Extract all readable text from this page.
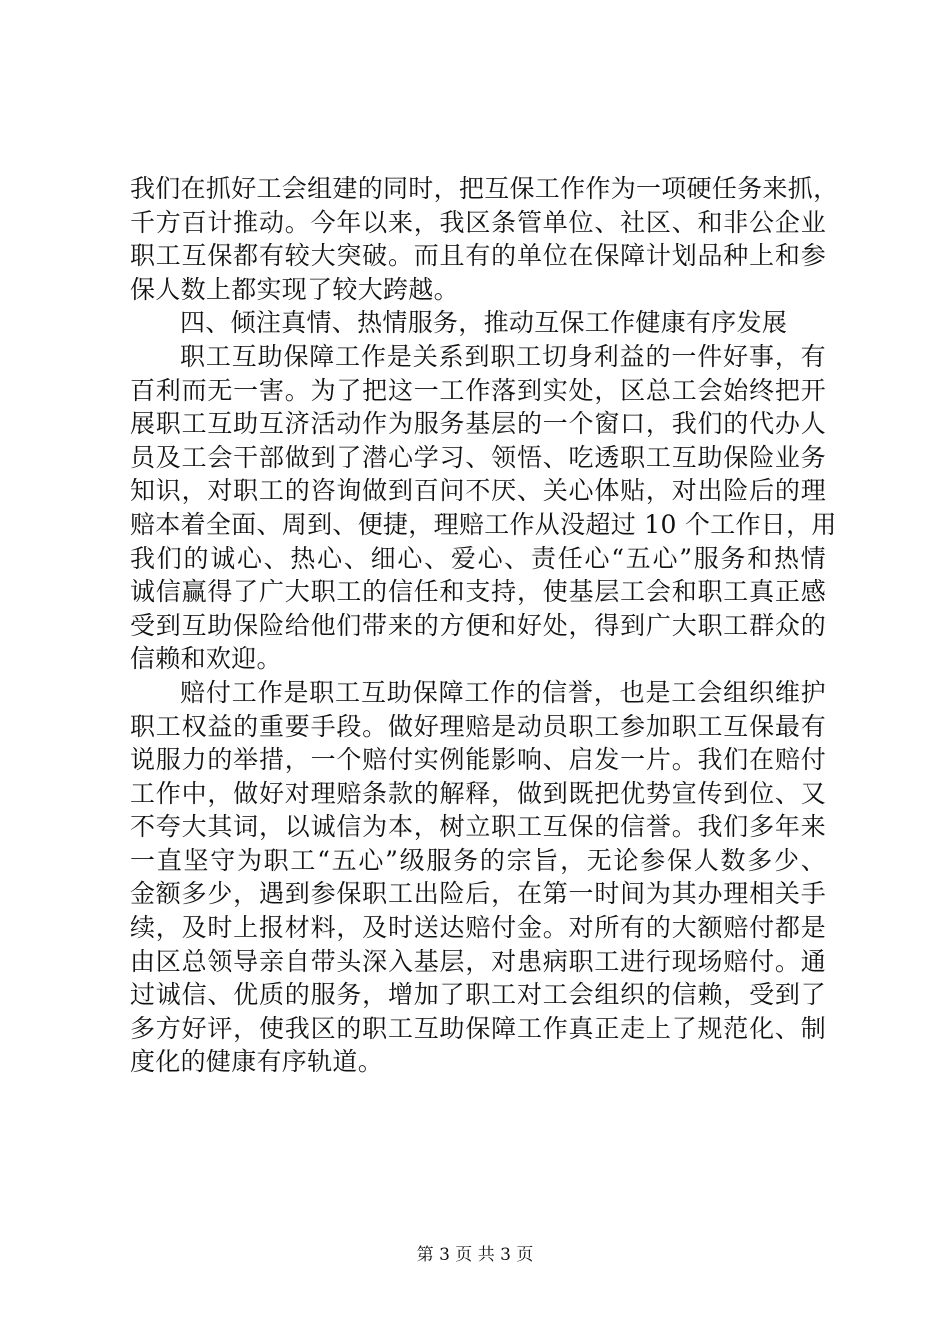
我们在抓好工会组建的同时，把互保工作作为一项硬任务来抓，
千方百计推动。今年以来，我区条管单位、社区、和非公企业
职工互保都有较大突破。而且有的单位在保障计划品种上和参
保人数上都实现了较大跨越。
四、倾注真情、热情服务，推动互保工作健康有序发展
职工互助保障工作是关系到职工切身利益的一件好事，有
百利而无一害。为了把这一工作落到实处，区总工会始终把开
展职工互助互济活动作为服务基层的一个窗口，我们的代办人
员及工会干部做到了潜心学习、领悟、吃透职工互助保险业务
知识，对职工的咨询做到百问不厌、关心体贴，对出险后的理
赔本着全面、周到、便捷，理赔工作从没超过 10 个工作日，用
我们的诚心、热心、细心、爱心、责任心“五心”服务和热情
诚信赢得了广大职工的信任和支持，使基层工会和职工真正感
受到互助保险给他们带来的方便和好处，得到广大职工群众的
信赖和欢迎。
赔付工作是职工互助保障工作的信誉，也是工会组织维护
职工权益的重要手段。做好理赔是动员职工参加职工互保最有
说服力的举措，一个赔付实例能影响、启发一片。我们在赔付
工作中，做好对理赔条款的解释，做到既把优势宣传到位、又
不夸大其词，以诚信为本，树立职工互保的信誉。我们多年来
一直坚守为职工“五心”级服务的宗旨，无论参保人数多少、
金额多少，遇到参保职工出险后，在第一时间为其办理相关手
续，及时上报材料，及时送达赔付金。对所有的大额赔付都是
由区总领导亲自带头深入基层，对患病职工进行现场赔付。通
过诚信、优质的服务，增加了职工对工会组织的信赖，受到了
多方好评，使我区的职工互助保障工作真正走上了规范化、制
度化的健康有序轨道。
第 3 页 共 3 页
